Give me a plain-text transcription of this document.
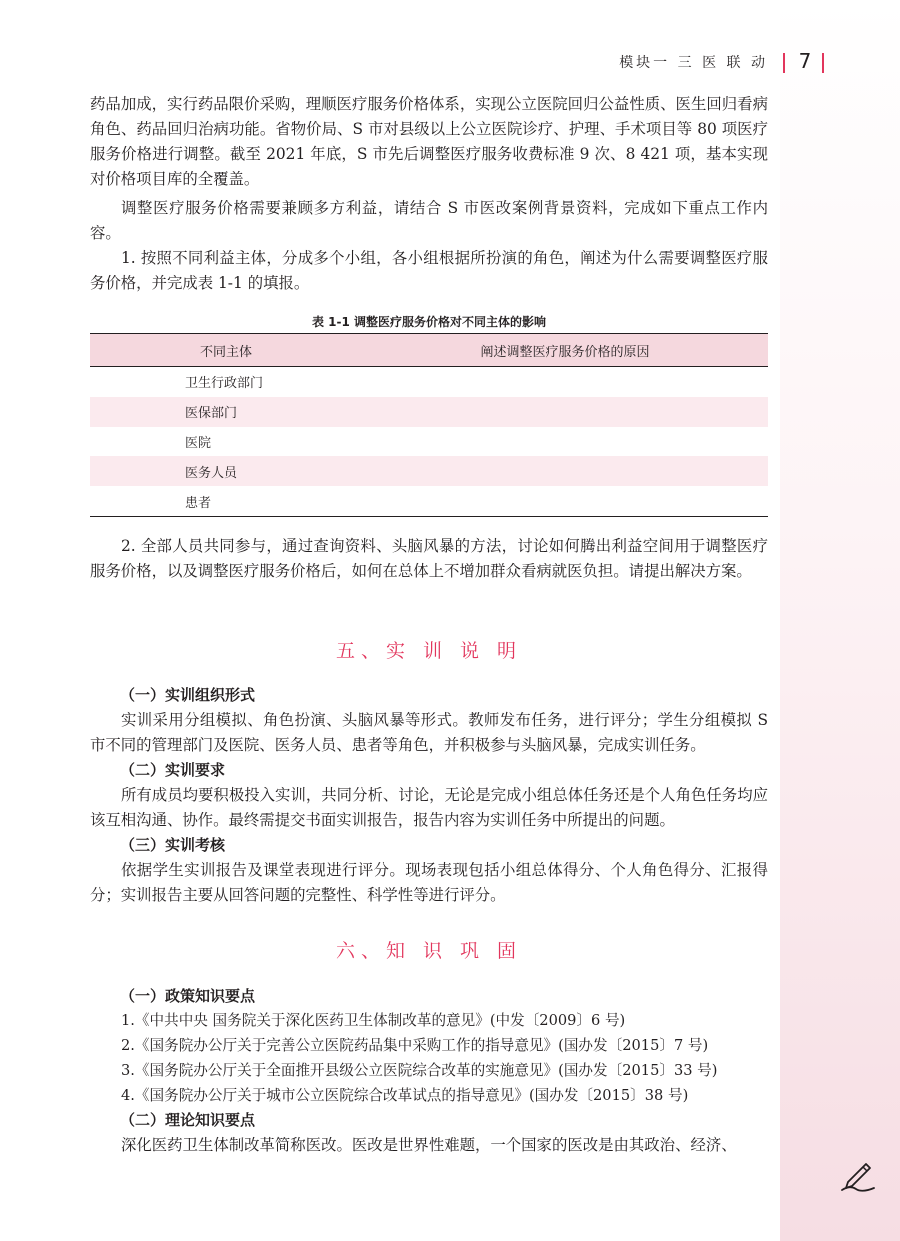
模块一 三 医 联 动	7
药品加成，实行药品限价采购，理顺医疗服务价格体系，实现公立医院回归公益性质、医生回归看病角色、药品回归治病功能。省物价局、S 市对县级以上公立医院诊疗、护理、手术项目等 80 项医疗服务价格进行调整。截至 2021 年底，S 市先后调整医疗服务收费标准 9 次、8 421 项，基本实现对价格项目库的全覆盖。
调整医疗服务价格需要兼顾多方利益，请结合 S 市医改案例背景资料，完成如下重点工作内容。
1. 按照不同利益主体，分成多个小组，各小组根据所扮演的角色，阐述为什么需要调整医疗服务价格，并完成表 1-1 的填报。
表 1-1 调整医疗服务价格对不同主体的影响
不同主体	阐述调整医疗服务价格的原因
卫生行政部门	
医保部门	
医院	
医务人员	
患者	
2. 全部人员共同参与，通过查询资料、头脑风暴的方法，讨论如何腾出利益空间用于调整医疗服务价格，以及调整医疗服务价格后，如何在总体上不增加群众看病就医负担。请提出解决方案。
五、实 训 说 明
（一）实训组织形式
实训采用分组模拟、角色扮演、头脑风暴等形式。教师发布任务，进行评分；学生分组模拟 S 市不同的管理部门及医院、医务人员、患者等角色，并积极参与头脑风暴，完成实训任务。
（二）实训要求
所有成员均要积极投入实训，共同分析、讨论，无论是完成小组总体任务还是个人角色任务均应该互相沟通、协作。最终需提交书面实训报告，报告内容为实训任务中所提出的问题。
（三）实训考核
依据学生实训报告及课堂表现进行评分。现场表现包括小组总体得分、个人角色得分、汇报得分；实训报告主要从回答问题的完整性、科学性等进行评分。
六、知 识 巩 固
（一）政策知识要点
1.《中共中央 国务院关于深化医药卫生体制改革的意见》(中发〔2009〕6 号)
2.《国务院办公厅关于完善公立医院药品集中采购工作的指导意见》(国办发〔2015〕7 号)
3.《国务院办公厅关于全面推开县级公立医院综合改革的实施意见》(国办发〔2015〕33 号)
4.《国务院办公厅关于城市公立医院综合改革试点的指导意见》(国办发〔2015〕38 号)
（二）理论知识要点
深化医药卫生体制改革简称医改。医改是世界性难题，一个国家的医改是由其政治、经济、
